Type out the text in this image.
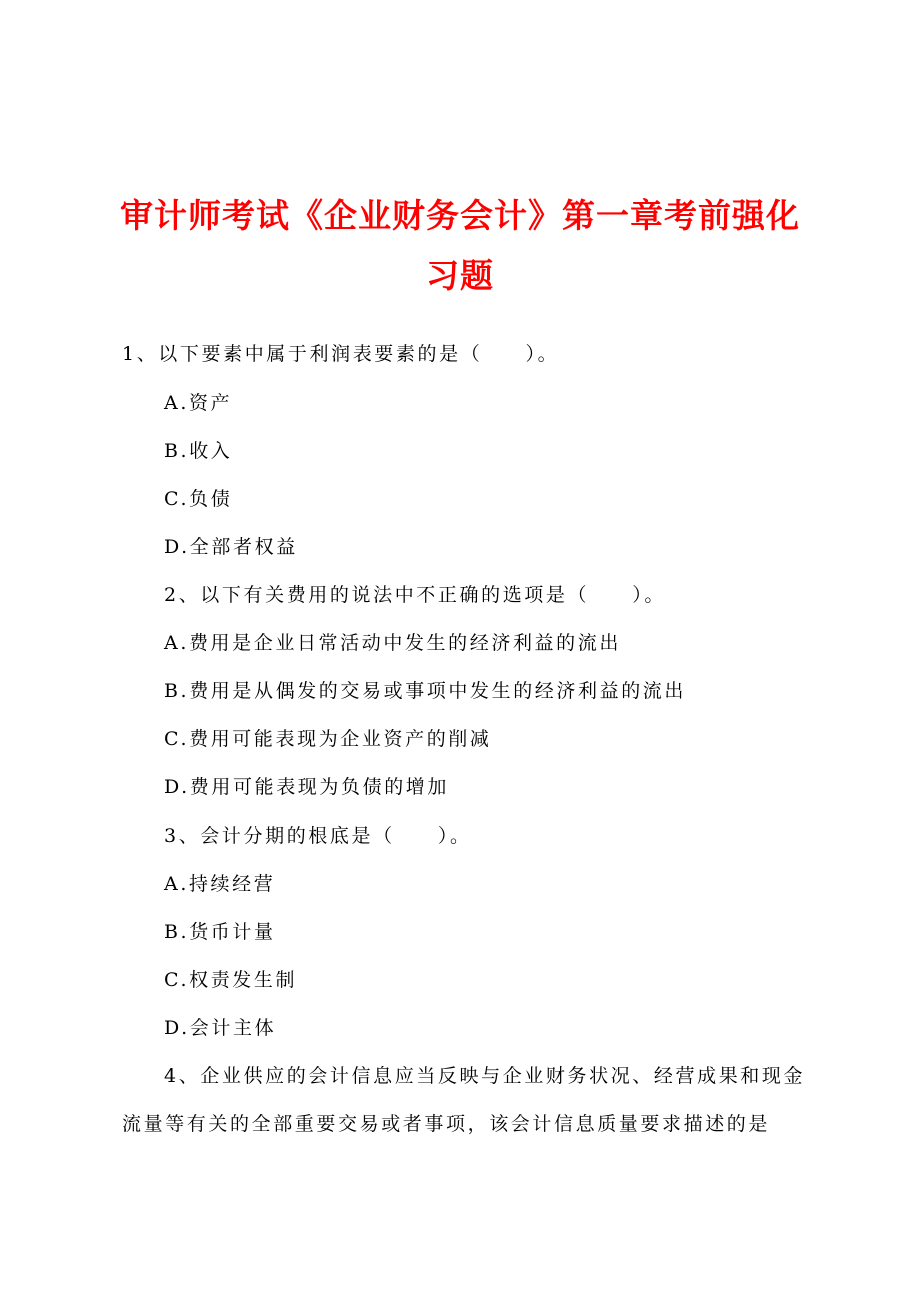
审计师考试《企业财务会计》第一章考前强化
习题
1、以下要素中属于利润表要素的是（　　）。
A.资产
B.收入
C.负债
D.全部者权益
2、以下有关费用的说法中不正确的选项是（　　）。
A.费用是企业日常活动中发生的经济利益的流出
B.费用是从偶发的交易或事项中发生的经济利益的流出
C.费用可能表现为企业资产的削减
D.费用可能表现为负债的增加
3、会计分期的根底是（　　）。
A.持续经营
B.货币计量
C.权责发生制
D.会计主体
4、企业供应的会计信息应当反映与企业财务状况、经营成果和现金
流量等有关的全部重要交易或者事项，该会计信息质量要求描述的是
